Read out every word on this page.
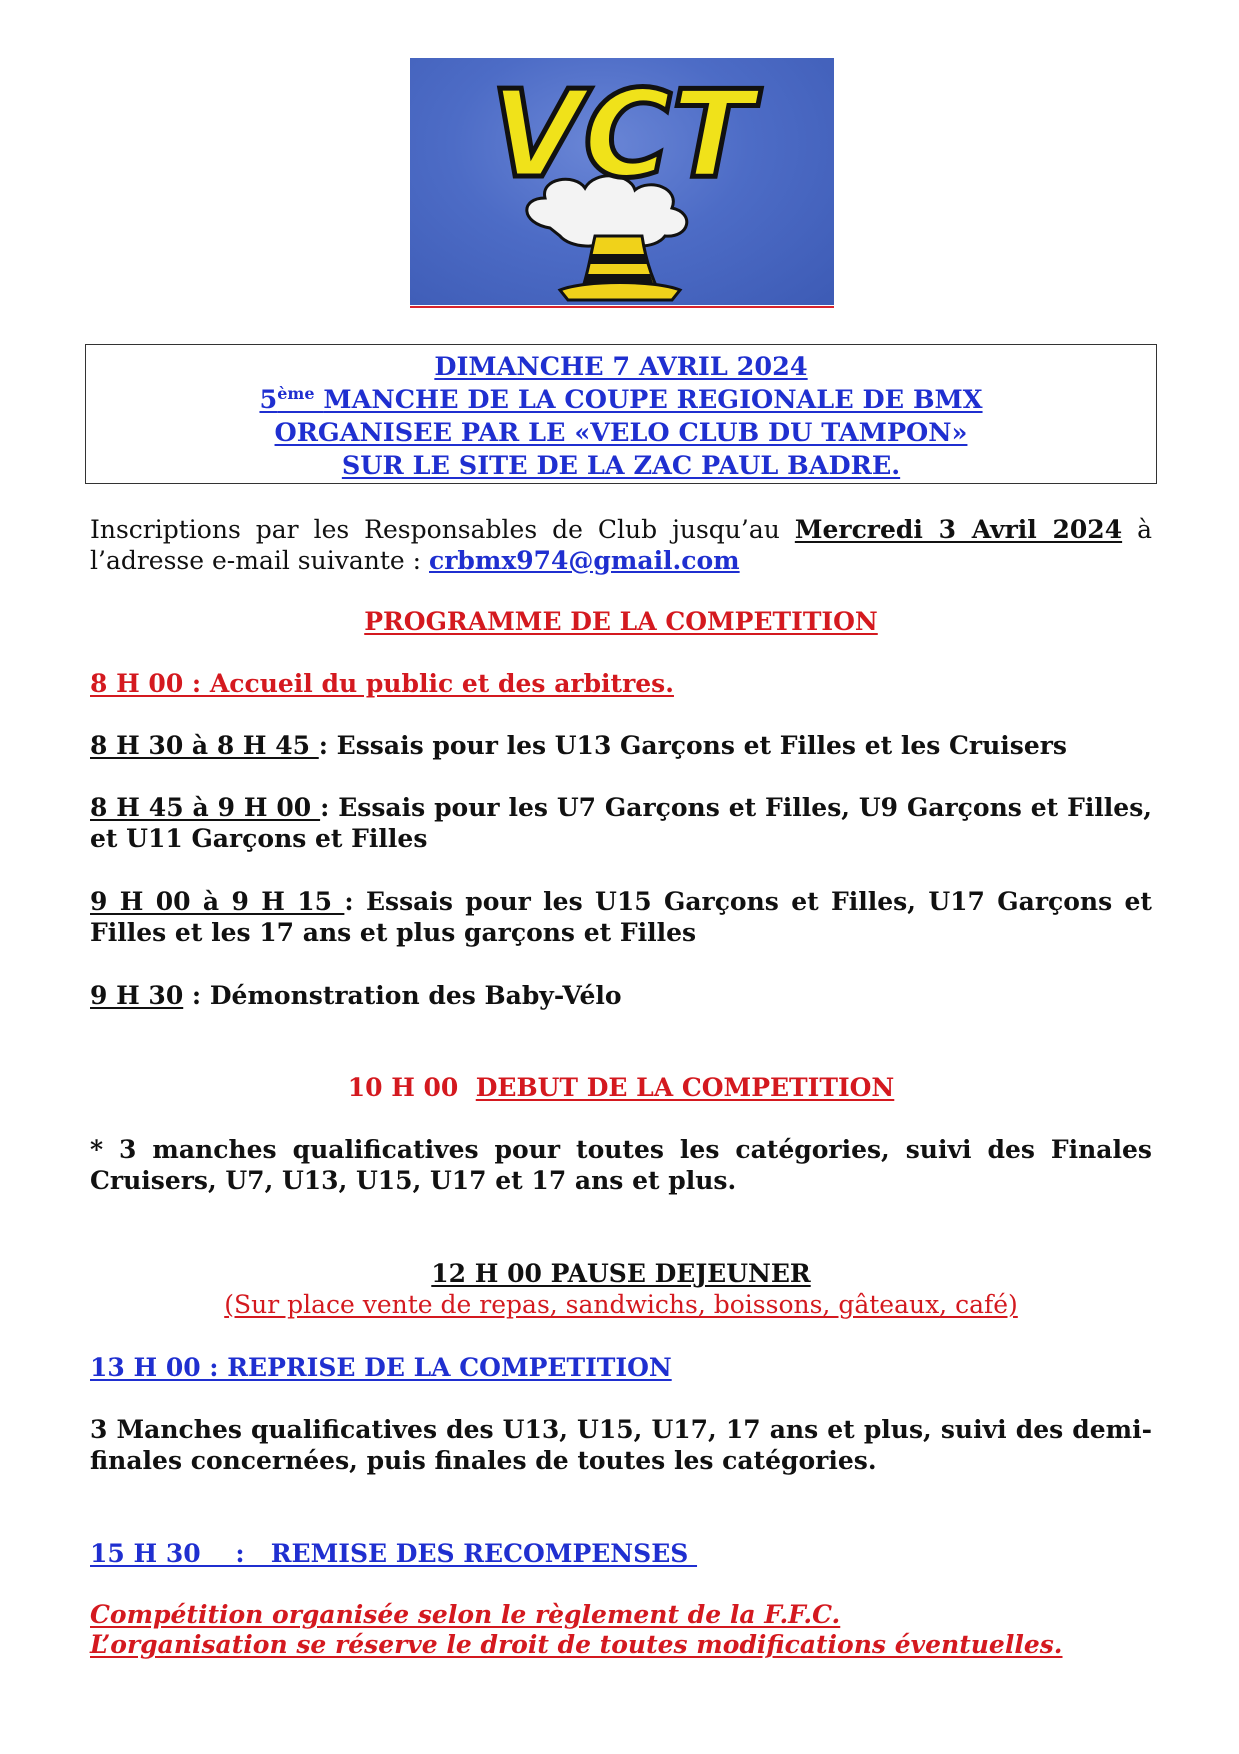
VCT
DIMANCHE 7 AVRIL 2024
5ème MANCHE DE LA COUPE REGIONALE DE BMX
ORGANISEE PAR LE «VELO CLUB DU TAMPON»
SUR LE SITE DE LA ZAC PAUL BADRE.
Inscriptions par les Responsables de Club jusqu’au Mercredi 3 Avril 2024 à l’adresse e-mail suivante : crbmx974@gmail.com
PROGRAMME DE LA COMPETITION
8 H 00 : Accueil du public et des arbitres.
8 H 30 à 8 H 45 : Essais pour les U13 Garçons et Filles et les Cruisers
8 H 45 à 9 H 00 : Essais pour les U7 Garçons et Filles, U9 Garçons et Filles, et U11 Garçons et Filles
9 H 00 à 9 H 15 : Essais pour les U15 Garçons et Filles, U17 Garçons et Filles et les 17 ans et plus garçons et Filles
9 H 30 : Démonstration des Baby-Vélo
10 H 00 DEBUT DE LA COMPETITION
* 3 manches qualificatives pour toutes les catégories, suivi des Finales Cruisers, U7, U13, U15, U17 et 17 ans et plus.
12 H 00 PAUSE DEJEUNER
(Sur place vente de repas, sandwichs, boissons, gâteaux, café)
13 H 00 : REPRISE DE LA COMPETITION
3 Manches qualificatives des U13, U15, U17, 17 ans et plus, suivi des demi-finales concernées, puis finales de toutes les catégories.
15 H 30    :   REMISE DES RECOMPENSES
Compétition organisée selon le règlement de la F.F.C.
L’organisation se réserve le droit de toutes modifications éventuelles.
